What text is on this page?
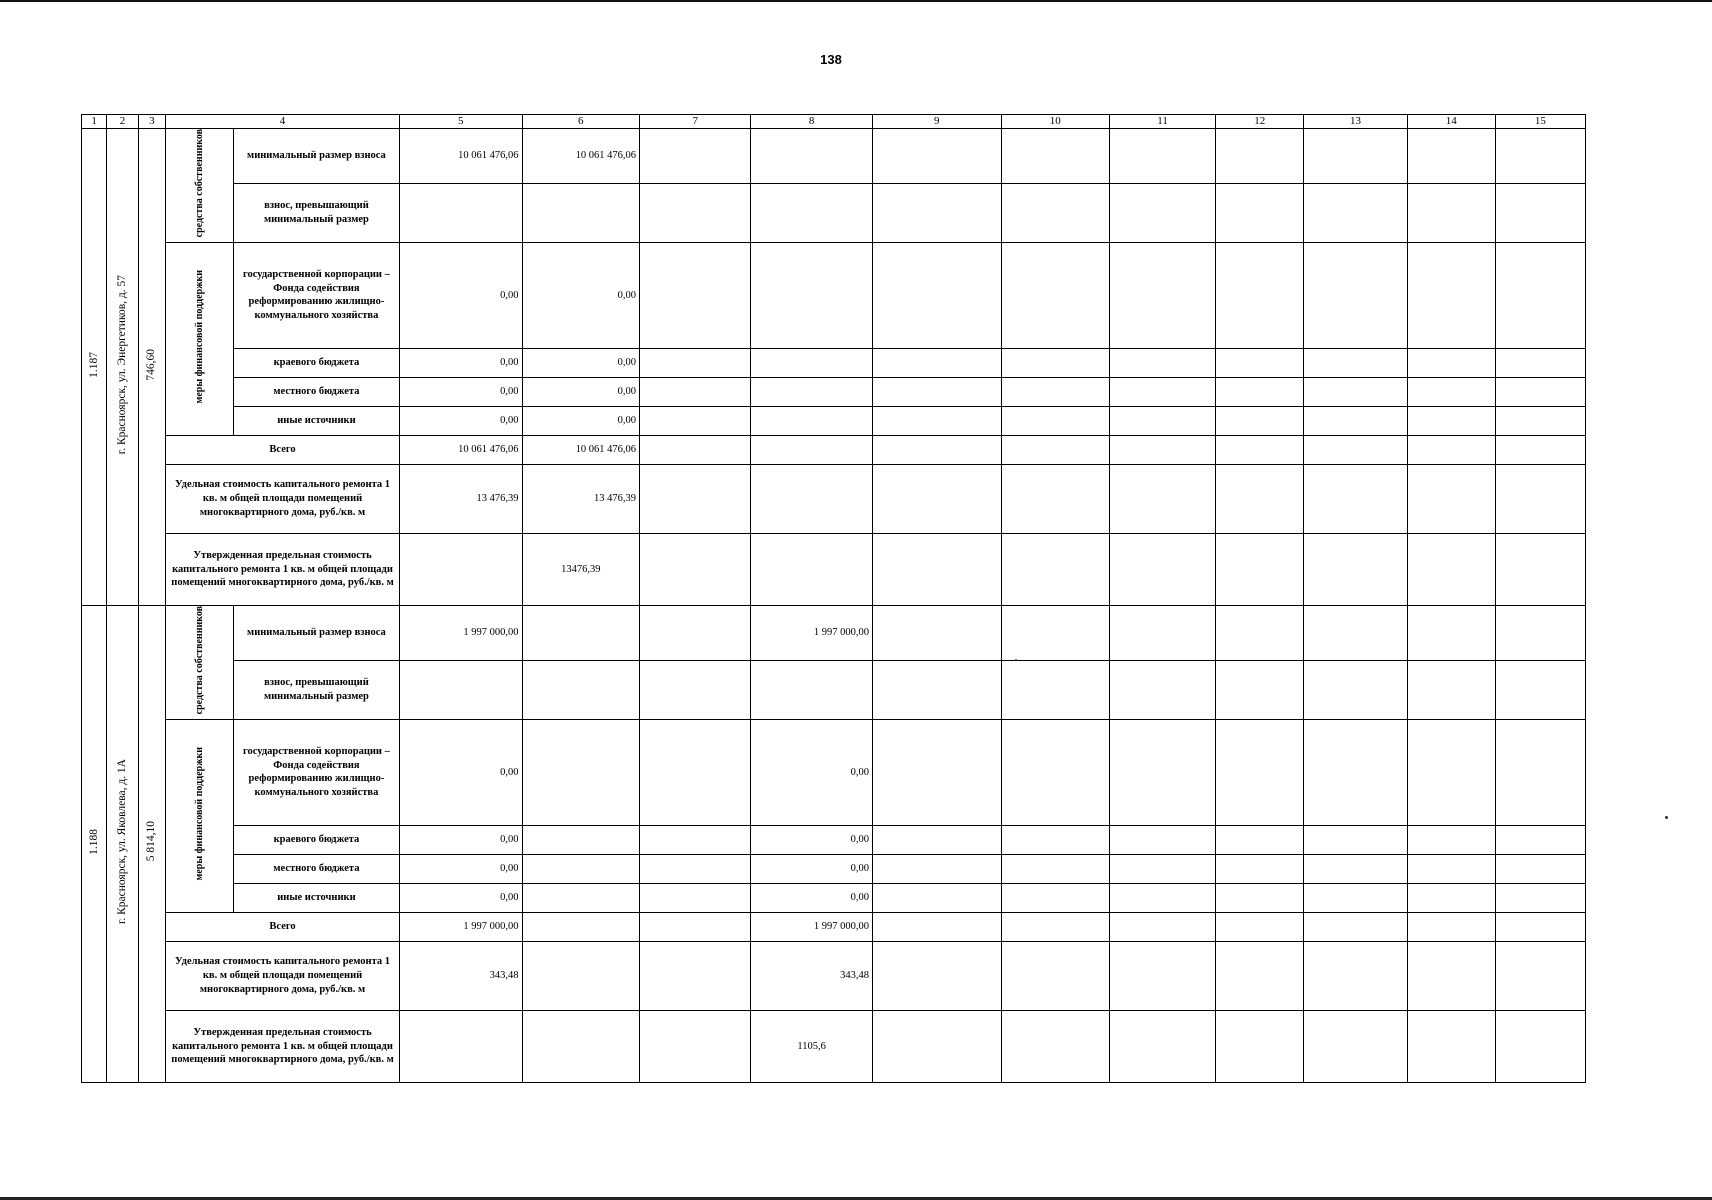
138
1	2	3	4		5	6	7	8	9	10	11	12	13	14	15
1.187	г. Красноярск, ул. Энергетиков, д. 57	746,60	средства собственников	минимальный размер взноса	10 061 476,06	10 061 476,06									
				взнос, превышающий минимальный размер											
			меры финансовой поддержки	государственной корпорации – Фонда содействия реформированию жилищно-коммунального хозяйства	0,00	0,00									
				краевого бюджета	0,00	0,00									
				местного бюджета	0,00	0,00									
				иные источники	0,00	0,00									
			Всего		10 061 476,06	10 061 476,06									
			Удельная стоимость капитального ремонта 1 кв. м общей площади помещений многоквартирного дома, руб./кв. м		13 476,39	13 476,39									
			Утвержденная предельная стоимость капитального ремонта 1 кв. м общей площади помещений многоквартирного дома, руб./кв. м			13476,39									
1.188	г. Красноярск, ул. Яковлева, д. 1А	5 814,10	средства собственников	минимальный размер взноса	1 997 000,00			1 997 000,00							
				взнос, превышающий минимальный размер											
			меры финансовой поддержки	государственной корпорации – Фонда содействия реформированию жилищно-коммунального хозяйства	0,00			0,00							
				краевого бюджета	0,00			0,00							
				местного бюджета	0,00			0,00							
				иные источники	0,00			0,00							
			Всего		1 997 000,00			1 997 000,00							
			Удельная стоимость капитального ремонта 1 кв. м общей площади помещений многоквартирного дома, руб./кв. м		343,48			343,48							
			Утвержденная предельная стоимость капитального ремонта 1 кв. м общей площади помещений многоквартирного дома, руб./кв. м					1105,6							
